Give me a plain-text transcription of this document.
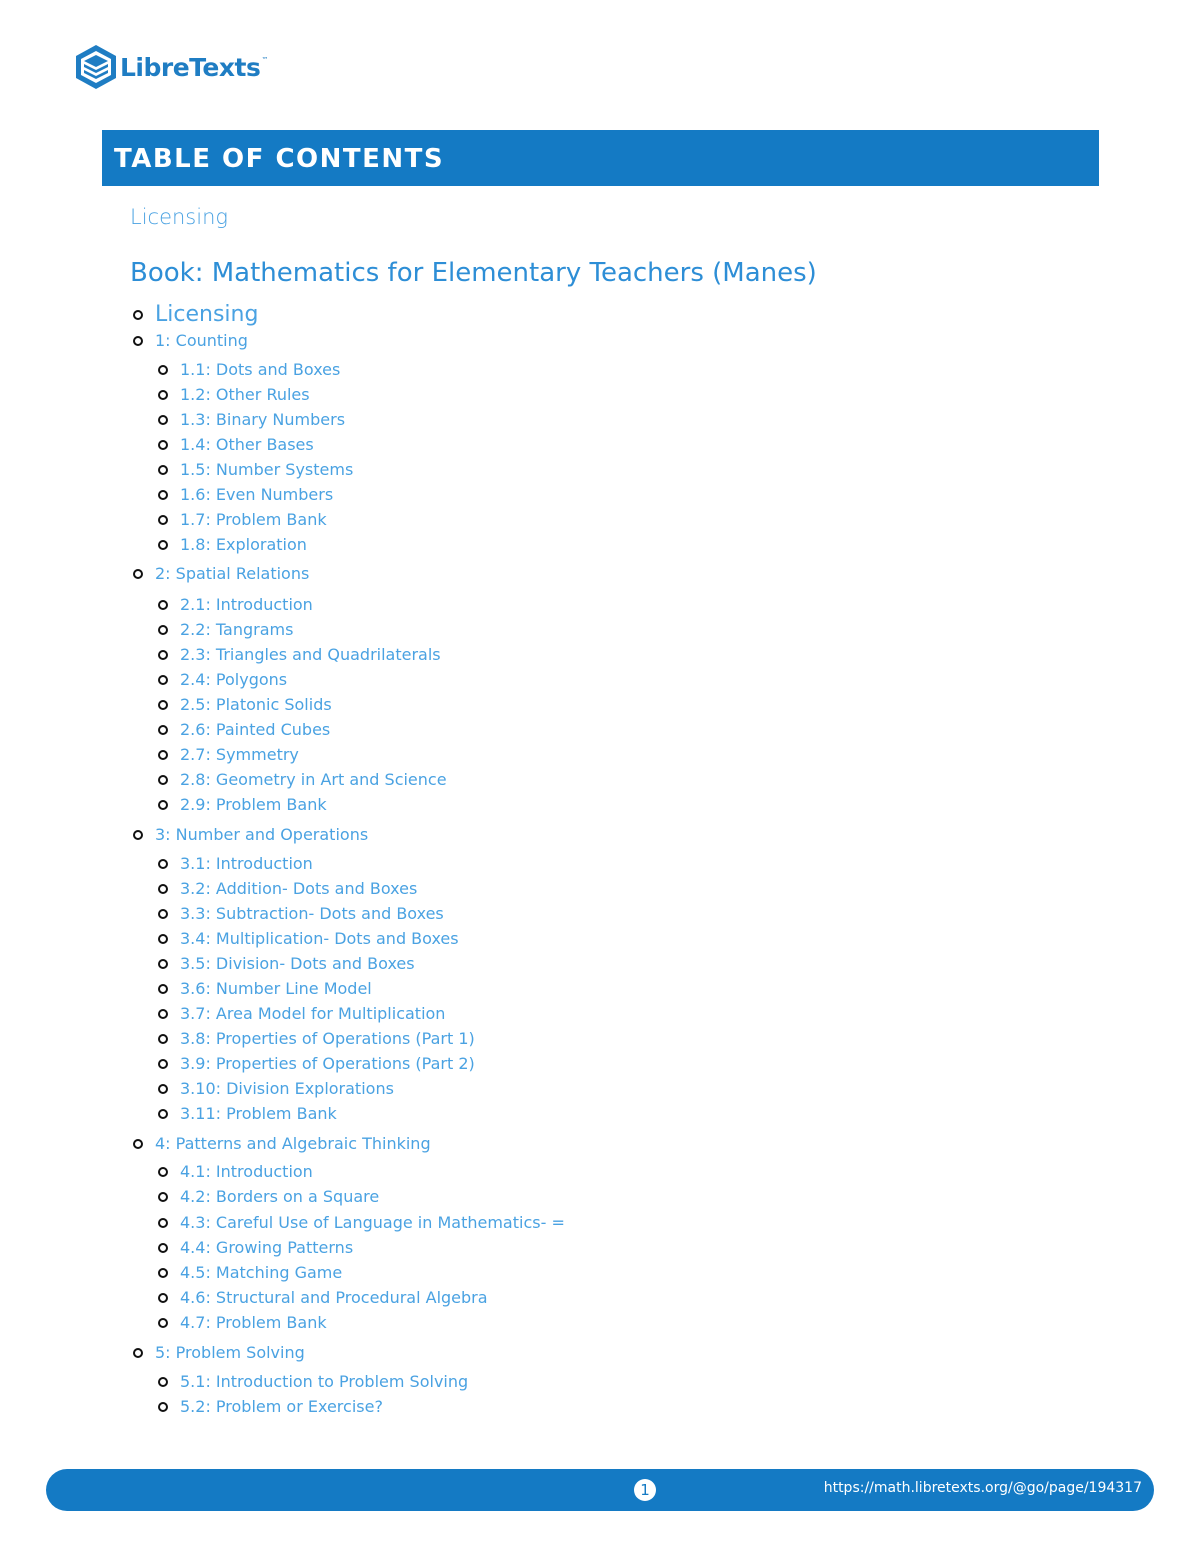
LibreTexts ™
TABLE OF CONTENTS
Licensing
Book: Mathematics for Elementary Teachers (Manes)
Licensing
1: Counting
1.1: Dots and Boxes
1.2: Other Rules
1.3: Binary Numbers
1.4: Other Bases
1.5: Number Systems
1.6: Even Numbers
1.7: Problem Bank
1.8: Exploration
2: Spatial Relations
2.1: Introduction
2.2: Tangrams
2.3: Triangles and Quadrilaterals
2.4: Polygons
2.5: Platonic Solids
2.6: Painted Cubes
2.7: Symmetry
2.8: Geometry in Art and Science
2.9: Problem Bank
3: Number and Operations
3.1: Introduction
3.2: Addition- Dots and Boxes
3.3: Subtraction- Dots and Boxes
3.4: Multiplication- Dots and Boxes
3.5: Division- Dots and Boxes
3.6: Number Line Model
3.7: Area Model for Multiplication
3.8: Properties of Operations (Part 1)
3.9: Properties of Operations (Part 2)
3.10: Division Explorations
3.11: Problem Bank
4: Patterns and Algebraic Thinking
4.1: Introduction
4.2: Borders on a Square
4.3: Careful Use of Language in Mathematics- =
4.4: Growing Patterns
4.5: Matching Game
4.6: Structural and Procedural Algebra
4.7: Problem Bank
5: Problem Solving
5.1: Introduction to Problem Solving
5.2: Problem or Exercise?
1	https://math.libretexts.org/@go/page/194317
